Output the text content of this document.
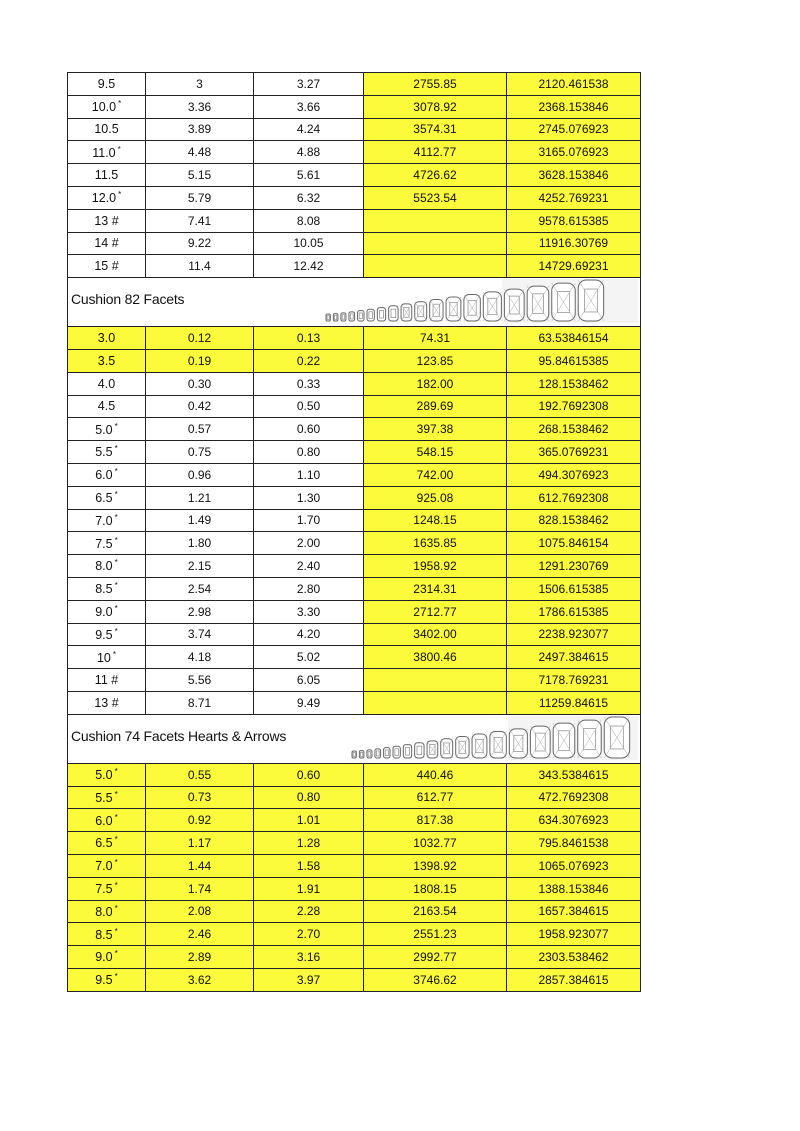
9.5	3	3.27	2755.85	2120.461538
10.0 *	3.36	3.66	3078.92	2368.153846
10.5	3.89	4.24	3574.31	2745.076923
11.0 *	4.48	4.88	4112.77	3165.076923
11.5	5.15	5.61	4726.62	3628.153846
12.0 *	5.79	6.32	5523.54	4252.769231
13 #	7.41	8.08		9578.615385
14 #	9.22	10.05		11916.30769
15 #	11.4	12.42		14729.69231

Cushion 82 Facets				

3.0	0.12	0.13	74.31	63.53846154
3.5	0.19	0.22	123.85	95.84615385
4.0	0.30	0.33	182.00	128.1538462
4.5	0.42	0.50	289.69	192.7692308
5.0 *	0.57	0.60	397.38	268.1538462
5.5 *	0.75	0.80	548.15	365.0769231
6.0 *	0.96	1.10	742.00	494.3076923
6.5 *	1.21	1.30	925.08	612.7692308
7.0 *	1.49	1.70	1248.15	828.1538462
7.5 *	1.80	2.00	1635.85	1075.846154
8.0 *	2.15	2.40	1958.92	1291.230769
8.5 *	2.54	2.80	2314.31	1506.615385
9.0 *	2.98	3.30	2712.77	1786.615385
9.5 *	3.74	4.20	3402.00	2238.923077
10 *	4.18	5.02	3800.46	2497.384615
11 #	5.56	6.05		7178.769231
13 #	8.71	9.49		11259.84615

Cushion 74 Facets Hearts & Arrows				

5.0 *	0.55	0.60	440.46	343.5384615
5.5 *	0.73	0.80	612.77	472.7692308
6.0 *	0.92	1.01	817.38	634.3076923
6.5 *	1.17	1.28	1032.77	795.8461538
7.0 *	1.44	1.58	1398.92	1065.076923
7.5 *	1.74	1.91	1808.15	1388.153846
8.0 *	2.08	2.28	2163.54	1657.384615
8.5 *	2.46	2.70	2551.23	1958.923077
9.0 *	2.89	3.16	2992.77	2303.538462
9.5 *	3.62	3.97	3746.62	2857.384615
